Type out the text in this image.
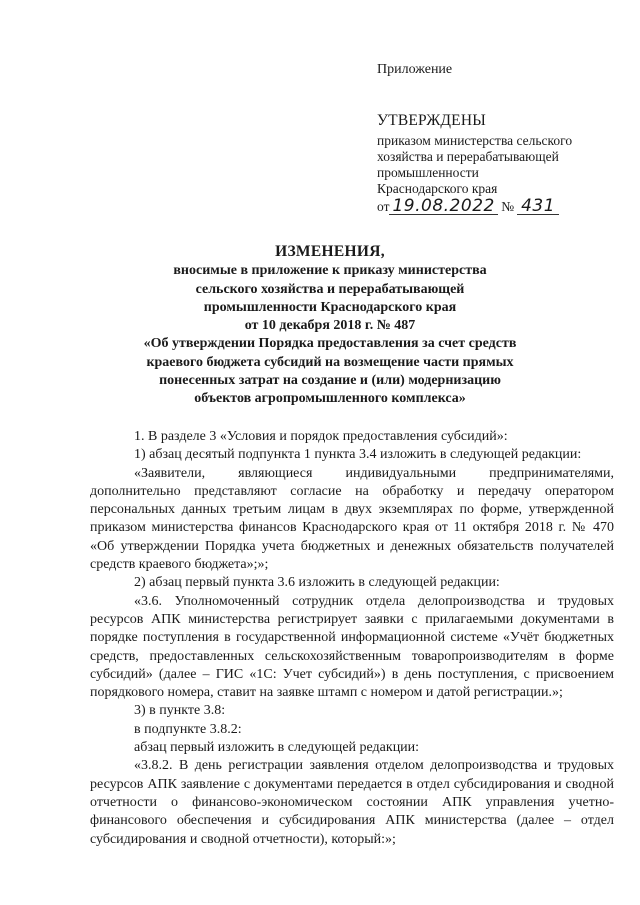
Приложение
УТВЕРЖДЕНЫ
приказом министерства сельского
хозяйства и перерабатывающей
промышленности
Краснодарского края
от 19.08.2022 № 431
ИЗМЕНЕНИЯ,
вносимые в приложение к приказу министерства
сельского хозяйства и перерабатывающей
промышленности Краснодарского края
от 10 декабря 2018 г. № 487
«Об утверждении Порядка предоставления за счет средств
краевого бюджета субсидий на возмещение части прямых
понесенных затрат на создание и (или) модернизацию
объектов агропромышленного комплекса»

1. В разделе 3 «Условия и порядок предоставления субсидий»:

1) абзац десятый подпункта 1 пункта 3.4 изложить в следующей редакции:

«Заявители, являющиеся индивидуальными предпринимателями, дополнительно представляют согласие на обработку и передачу оператором персональных данных третьим лицам в двух экземплярах по форме, утвержденной приказом министерства финансов Краснодарского края от 11 октября 2018 г. № 470 «Об утверждении Порядка учета бюджетных и денежных обязательств получателей средств краевого бюджета»;»;

2) абзац первый пункта 3.6 изложить в следующей редакции:

«3.6. Уполномоченный сотрудник отдела делопроизводства и трудовых ресурсов АПК министерства регистрирует заявки с прилагаемыми документами в порядке поступления в государственной информационной системе «Учёт бюджетных средств, предоставленных сельскохозяйственным товаропроизводителям в форме субсидий» (далее – ГИС «1С: Учет субсидий») в день поступления, с присвоением порядкового номера, ставит на заявке штамп с номером и датой регистрации.»;

3) в пункте 3.8:

в подпункте 3.8.2:

абзац первый изложить в следующей редакции:

«3.8.2. В день регистрации заявления отделом делопроизводства и трудовых ресурсов АПК заявление с документами передается в отдел субсидирования и сводной отчетности о финансово-экономическом состоянии АПК управления учетно-финансового обеспечения и субсидирования АПК министерства (далее – отдел субсидирования и сводной отчетности), который:»;
